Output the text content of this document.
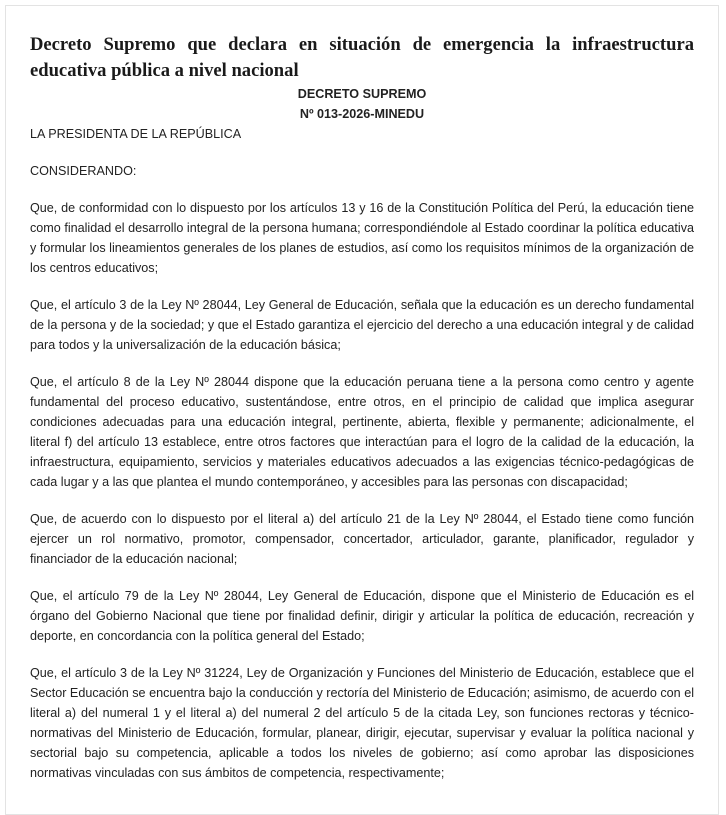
Decreto Supremo que declara en situación de emergencia la infraestructura educativa pública a nivel nacional

DECRETO SUPREMO

Nº 013-2026-MINEDU

LA PRESIDENTA DE LA REPÚBLICA

CONSIDERANDO:

Que, de conformidad con lo dispuesto por los artículos 13 y 16 de la Constitución Política del Perú, la educación tiene como finalidad el desarrollo integral de la persona humana; correspondiéndole al Estado coordinar la política educativa y formular los lineamientos generales de los planes de estudios, así como los requisitos mínimos de la organización de los centros educativos;

Que, el artículo 3 de la Ley Nº 28044, Ley General de Educación, señala que la educación es un derecho fundamental de la persona y de la sociedad; y que el Estado garantiza el ejercicio del derecho a una educación integral y de calidad para todos y la universalización de la educación básica;

Que, el artículo 8 de la Ley Nº 28044 dispone que la educación peruana tiene a la persona como centro y agente fundamental del proceso educativo, sustentándose, entre otros, en el principio de calidad que implica asegurar condiciones adecuadas para una educación integral, pertinente, abierta, flexible y permanente; adicionalmente, el literal f) del artículo 13 establece, entre otros factores que interactúan para el logro de la calidad de la educación, la infraestructura, equipamiento, servicios y materiales educativos adecuados a las exigencias técnico-pedagógicas de cada lugar y a las que plantea el mundo contemporáneo, y accesibles para las personas con discapacidad;

Que, de acuerdo con lo dispuesto por el literal a) del artículo 21 de la Ley Nº 28044, el Estado tiene como función ejercer un rol normativo, promotor, compensador, concertador, articulador, garante, planificador, regulador y financiador de la educación nacional;

Que, el artículo 79 de la Ley Nº 28044, Ley General de Educación, dispone que el Ministerio de Educación es el órgano del Gobierno Nacional que tiene por finalidad definir, dirigir y articular la política de educación, recreación y deporte, en concordancia con la política general del Estado;

Que, el artículo 3 de la Ley Nº 31224, Ley de Organización y Funciones del Ministerio de Educación, establece que el Sector Educación se encuentra bajo la conducción y rectoría del Ministerio de Educación; asimismo, de acuerdo con el literal a) del numeral 1 y el literal a) del numeral 2 del artículo 5 de la citada Ley, son funciones rectoras y técnico-normativas del Ministerio de Educación, formular, planear, dirigir, ejecutar, supervisar y evaluar la política nacional y sectorial bajo su competencia, aplicable a todos los niveles de gobierno; así como aprobar las disposiciones normativas vinculadas con sus ámbitos de competencia, respectivamente;
